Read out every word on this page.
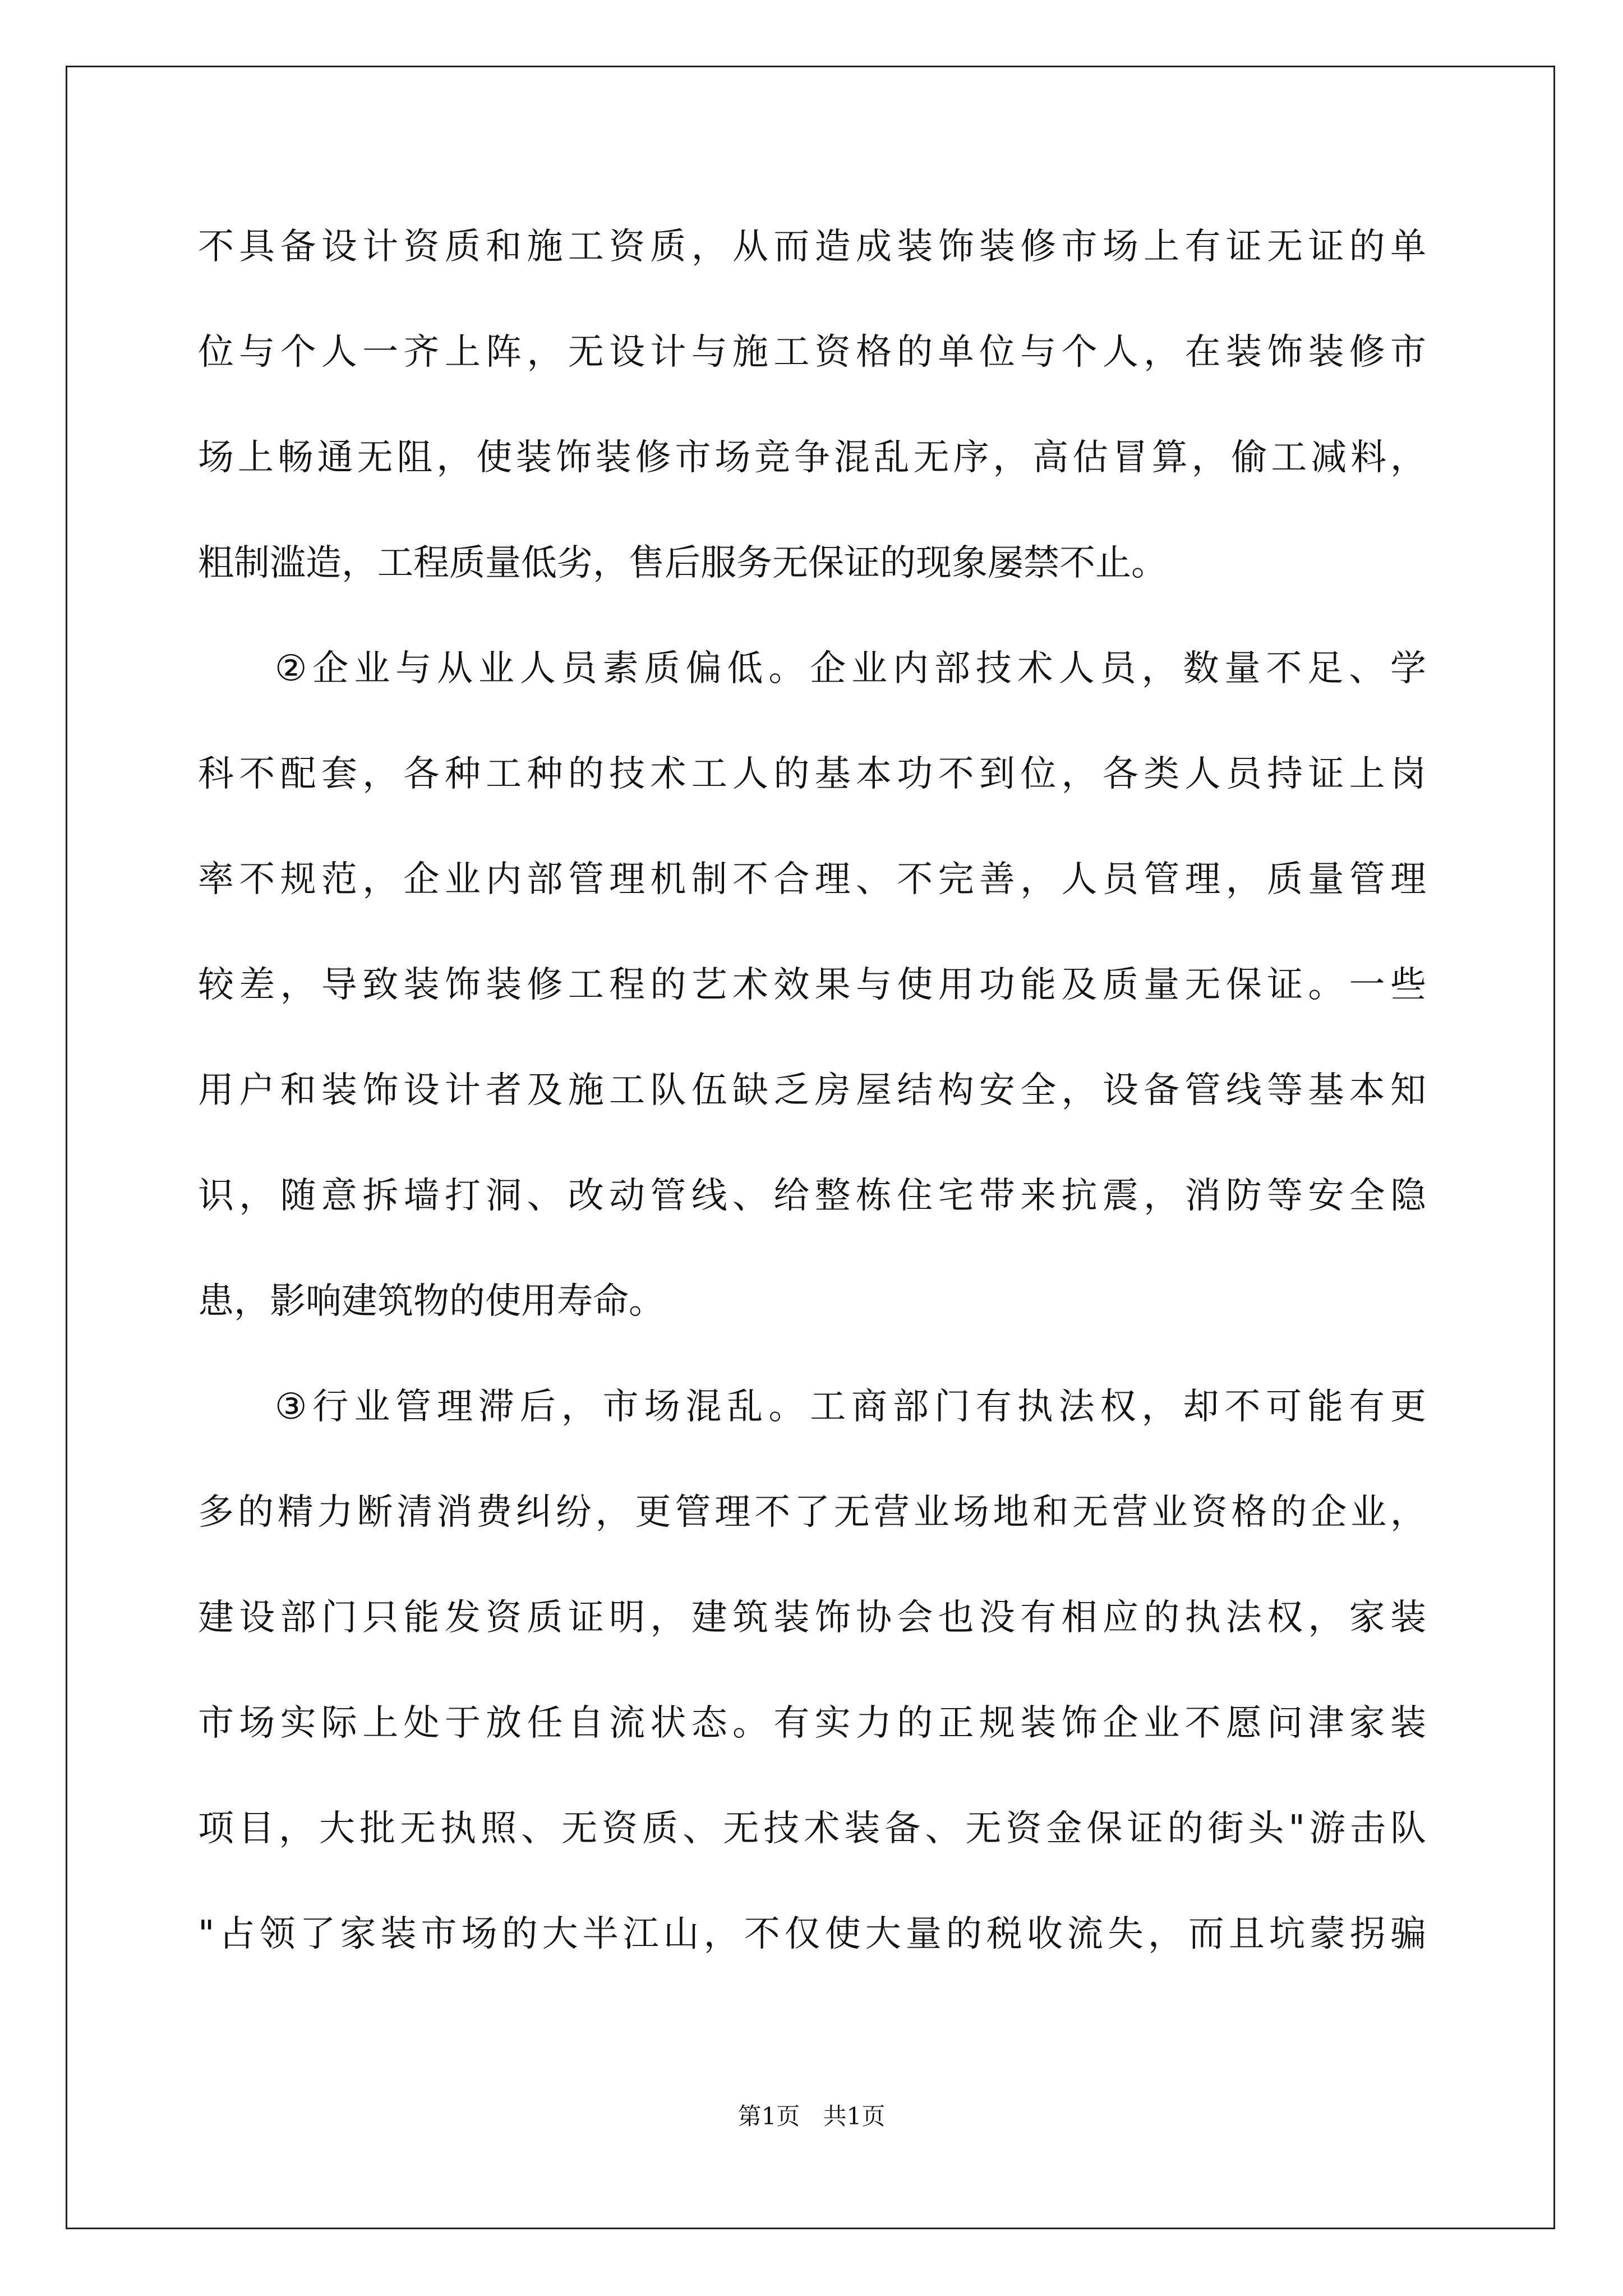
不具备设计资质和施工资质，从而造成装饰装修市场上有证无证的单
位与个人一齐上阵，无设计与施工资格的单位与个人，在装饰装修市
场上畅通无阻，使装饰装修市场竞争混乱无序，高估冒算，偷工减料，
粗制滥造，工程质量低劣，售后服务无保证的现象屡禁不止。
②企业与从业人员素质偏低。企业内部技术人员，数量不足、学
科不配套，各种工种的技术工人的基本功不到位，各类人员持证上岗
率不规范，企业内部管理机制不合理、不完善，人员管理，质量管理
较差，导致装饰装修工程的艺术效果与使用功能及质量无保证。一些
用户和装饰设计者及施工队伍缺乏房屋结构安全，设备管线等基本知
识，随意拆墙打洞、改动管线、给整栋住宅带来抗震，消防等安全隐
患，影响建筑物的使用寿命。
③行业管理滞后，市场混乱。工商部门有执法权，却不可能有更
多的精力断清消费纠纷，更管理不了无营业场地和无营业资格的企业，
建设部门只能发资质证明，建筑装饰协会也没有相应的执法权，家装
市场实际上处于放任自流状态。有实力的正规装饰企业不愿问津家装
项目，大批无执照、无资质、无技术装备、无资金保证的街头"游击队
"占领了家装市场的大半江山，不仅使大量的税收流失，而且坑蒙拐骗
第1页 共1页
